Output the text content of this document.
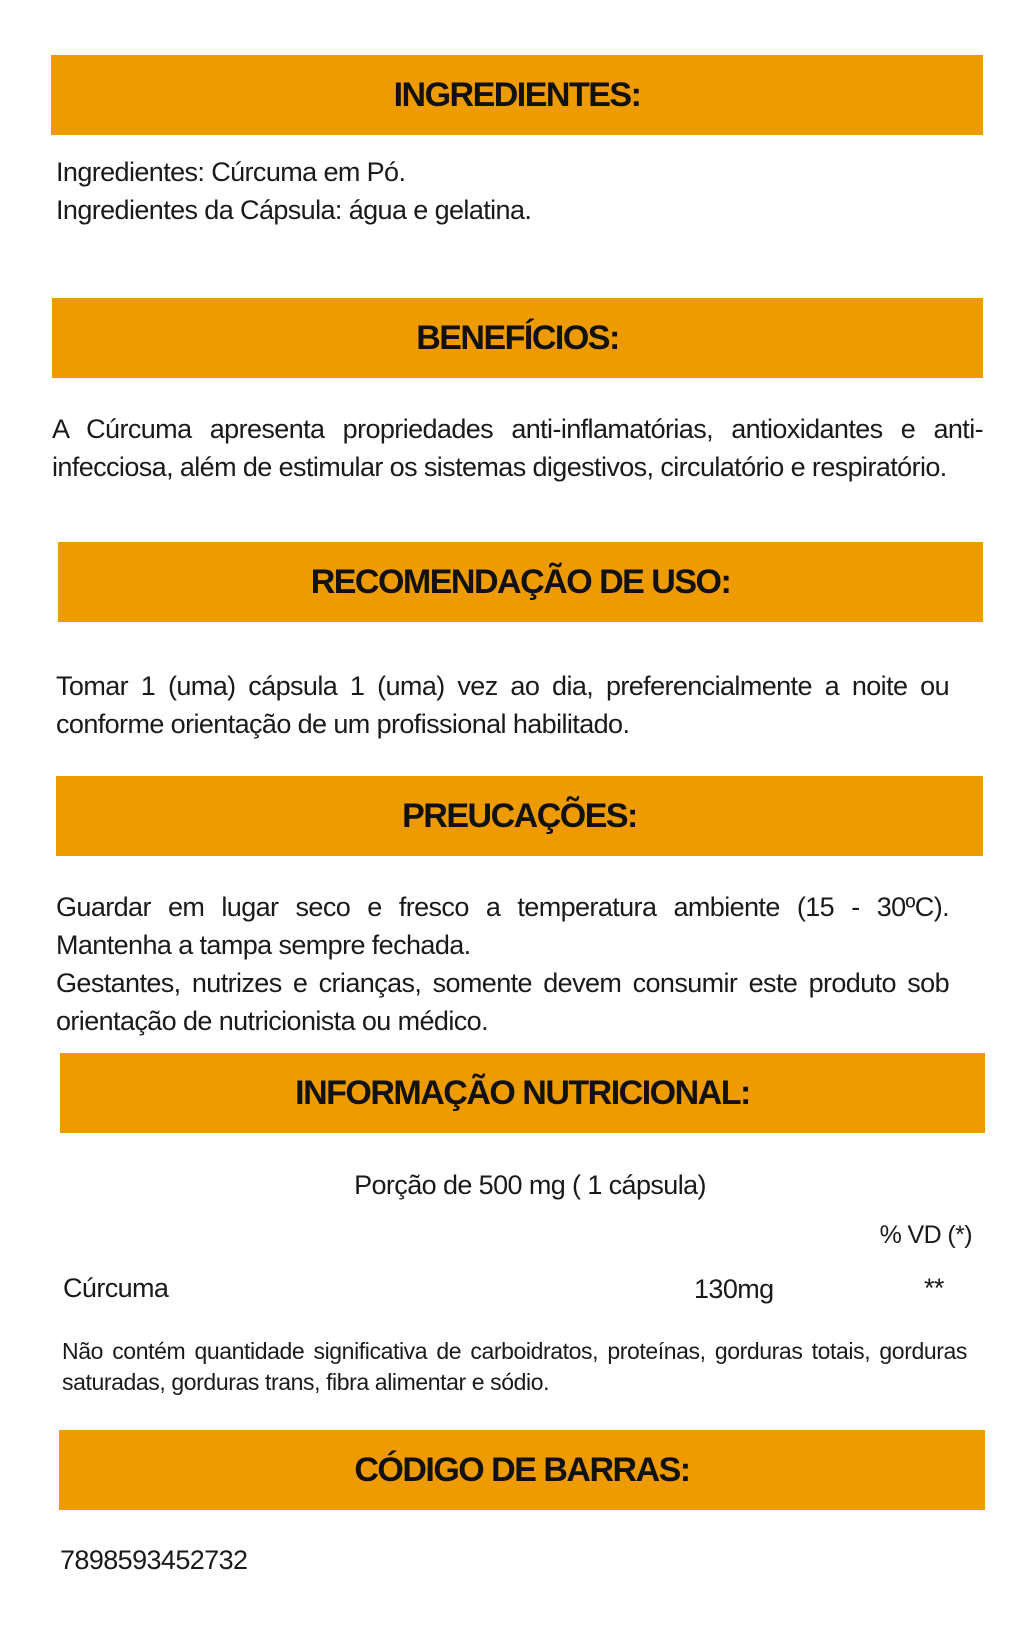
INGREDIENTES:

Ingredientes: Cúrcuma em Pó.

Ingredientes da Cápsula: água e gelatina.

BENEFÍCIOS:

A Cúrcuma apresenta propriedades anti-inflamatórias, antioxidantes e anti-infecciosa, além de estimular os sistemas digestivos, circulatório e respiratório.

RECOMENDAÇÃO DE USO:

Tomar 1 (uma) cápsula 1 (uma) vez ao dia, preferencialmente a noite ou conforme orientação de um profissional habilitado.

PREUCAÇÕES:

Guardar em lugar seco e fresco a temperatura ambiente (15 - 30ºC). Mantenha a tampa sempre fechada.

Gestantes, nutrizes e crianças, somente devem consumir este produto sob orientação de nutricionista ou médico.

INFORMAÇÃO NUTRICIONAL:
Porção de 500 mg ( 1 cápsula)
% VD (*)
Cúrcuma	130mg	**

Não contém quantidade significativa de carboidratos, proteínas, gorduras totais, gorduras saturadas, gorduras trans, fibra alimentar e sódio.

CÓDIGO DE BARRAS:
7898593452732
